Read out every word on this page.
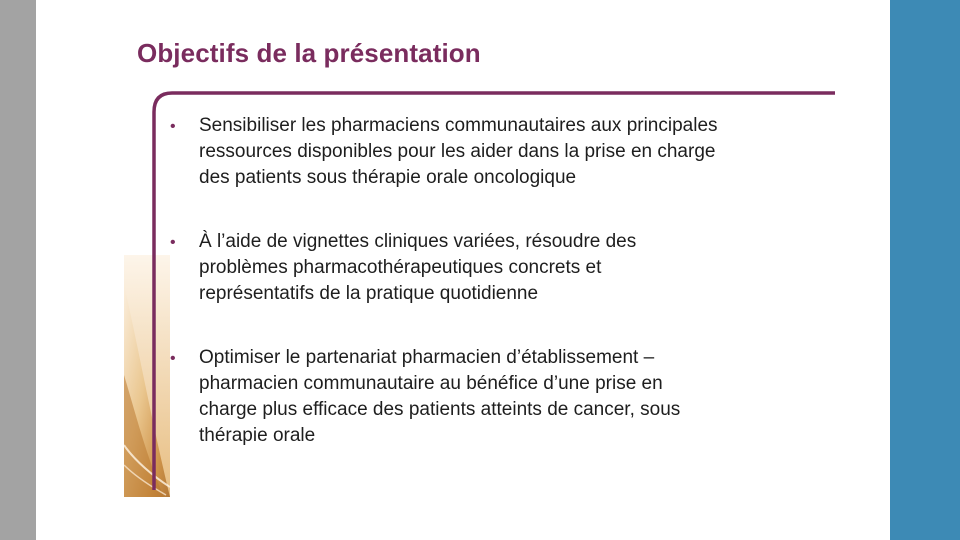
Objectifs de la présentation
• Sensibiliser les pharmaciens communautaires aux principales
ressources disponibles pour les aider dans la prise en charge
des patients sous thérapie orale oncologique
• À l’aide de vignettes cliniques variées, résoudre des
problèmes pharmacothérapeutiques concrets et
représentatifs de la pratique quotidienne
• Optimiser le partenariat pharmacien d’établissement –
pharmacien communautaire au bénéfice d’une prise en
charge plus efficace des patients atteints de cancer, sous
thérapie orale
